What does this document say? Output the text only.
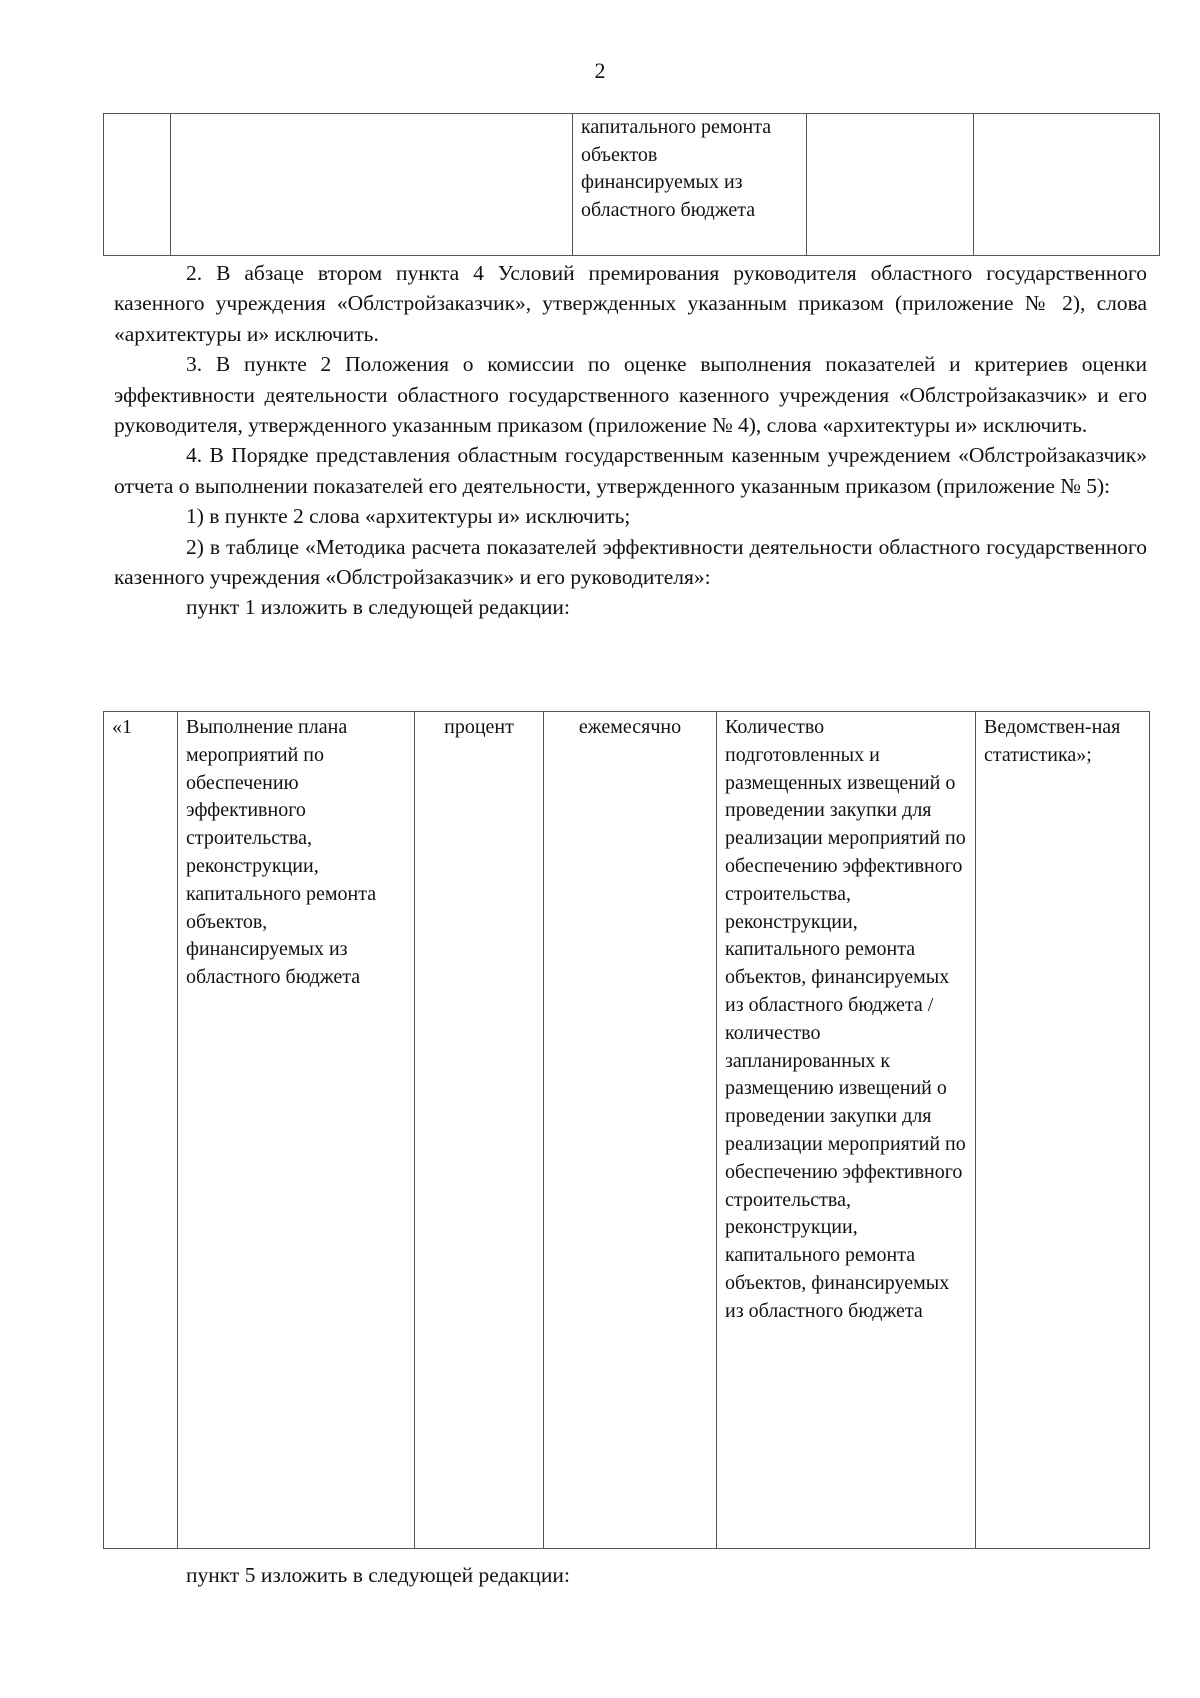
2
		капитального ремонта объектов финансируемых из областного бюджета		

2. В абзаце втором пункта 4 Условий премирования руководителя областного государственного казенного учреждения «Облстройзаказчик», утвержденных указанным приказом (приложение № 2), слова «архитектуры и» исключить.

3. В пункте 2 Положения о комиссии по оценке выполнения показателей и критериев оценки эффективности деятельности областного государственного казенного учреждения «Облстройзаказчик» и его руководителя, утвержденного указанным приказом (приложение № 4), слова «архитектуры и» исключить.

4. В Порядке представления областным государственным казенным учреждением «Облстройзаказчик» отчета о выполнении показателей его деятельности, утвержденного указанным приказом (приложение № 5):

1) в пункте 2 слова «архитектуры и» исключить;

2) в таблице «Методика расчета показателей эффективности деятельности областного государственного казенного учреждения «Облстройзаказчик» и его руководителя»:

пункт 1 изложить в следующей редакции:

«1	Выполнение плана мероприятий по обеспечению эффективного строительства, реконструкции, капитального ремонта объектов, финансируемых из областного бюджета	процент	ежемесячно	Количество подготовленных и размещенных извещений о проведении закупки для реализации мероприятий по обеспечению эффективного строительства, реконструкции, капитального ремонта объектов, финансируемых из областного бюджета /количество запланированных к размещению извещений о проведении закупки для реализации мероприятий по обеспечению эффективного строительства, реконструкции, капитального ремонта объектов, финансируемых из областного бюджета	Ведомствен-ная статистика»;
пункт 5 изложить в следующей редакции:
